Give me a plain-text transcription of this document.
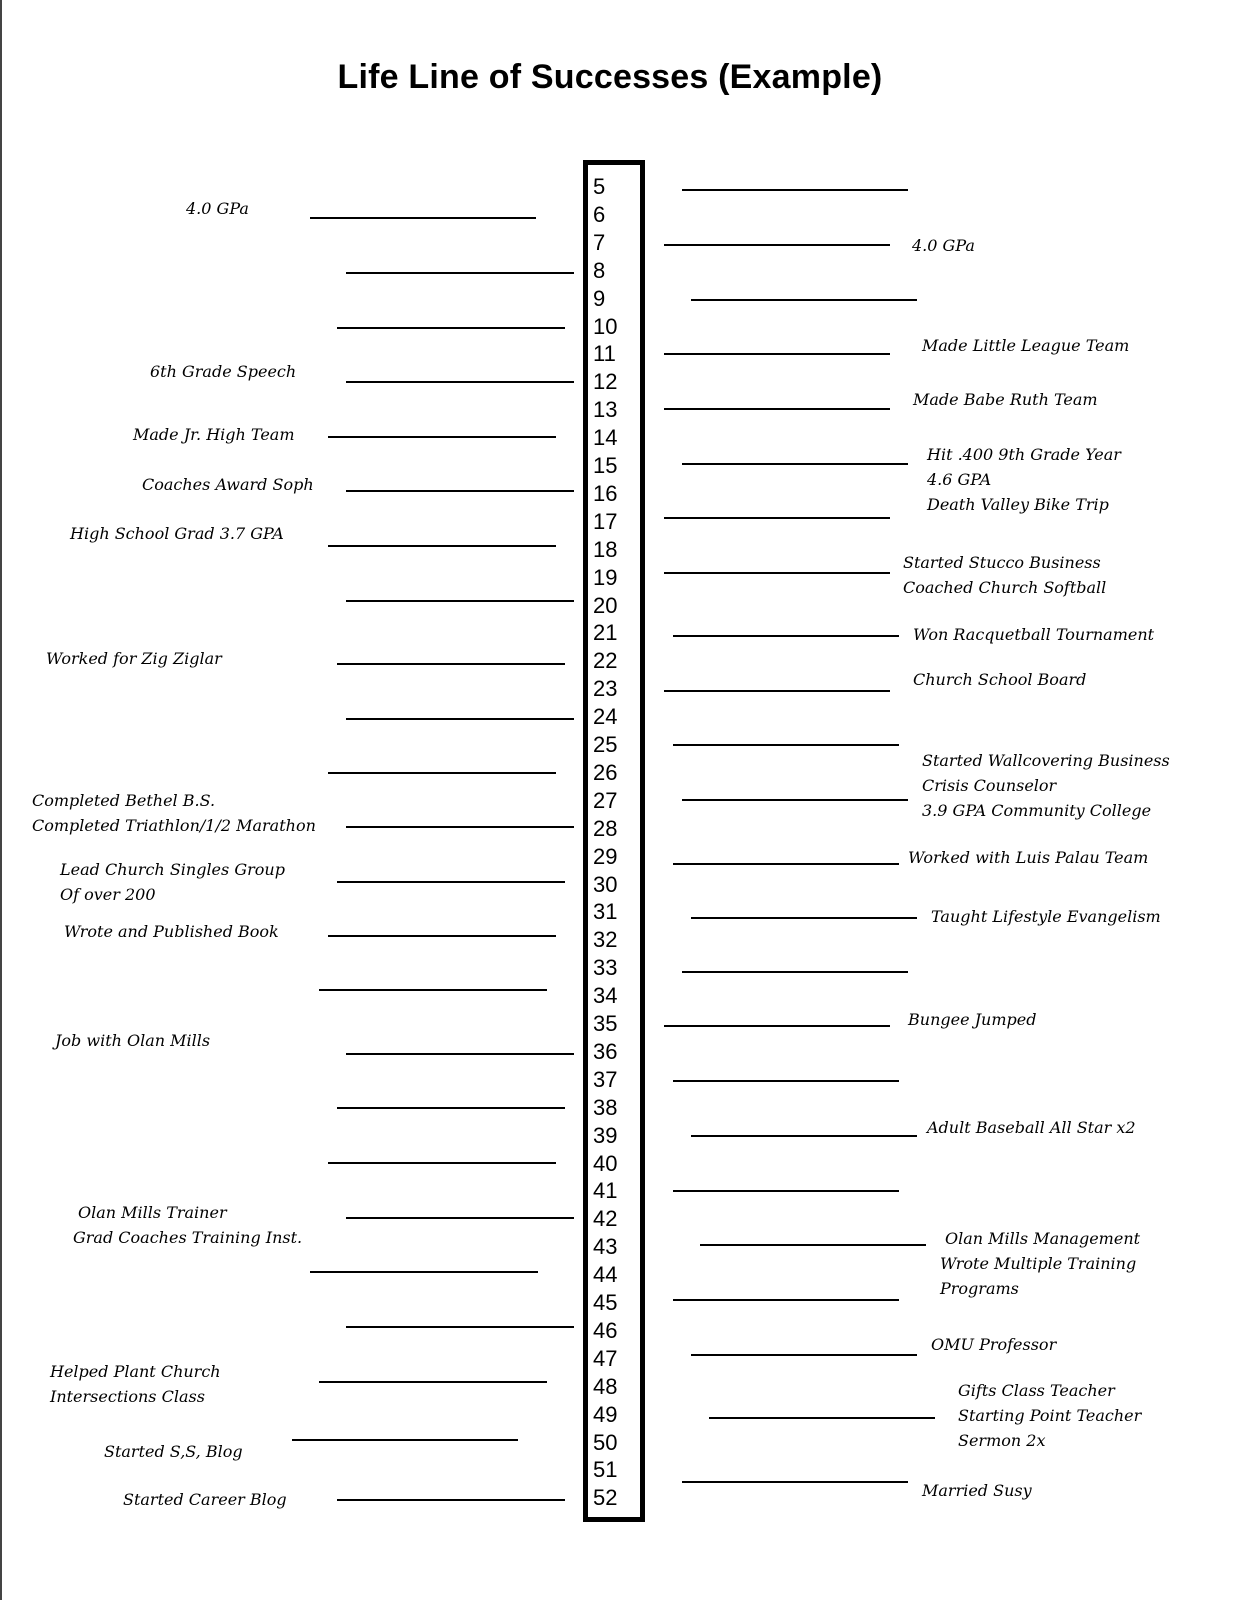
Life Line of Successes (Example)
5
6
7
8
9
10
11
12
13
14
15
16
17
18
19
20
21
22
23
24
25
26
27
28
29
30
31
32
33
34
35
36
37
38
39
40
41
42
43
44
45
46
47
48
49
50
51
52
4.0 GPa
6th Grade Speech
Made Jr. High Team
Coaches Award Soph
High School Grad 3.7 GPA
Worked for Zig Ziglar
Completed Bethel B.S.
Completed Triathlon/1/2 Marathon
Lead Church Singles Group
Of over 200
Wrote and Published Book
Job with Olan Mills
Olan Mills Trainer
Grad Coaches Training Inst.
Helped Plant Church
Intersections Class
Started S,S, Blog
Started Career Blog
4.0 GPa
Made Little League Team
Made Babe Ruth Team
Hit .400 9th Grade Year
4.6 GPA
Death Valley Bike Trip
Started Stucco Business
Coached Church Softball
Won Racquetball Tournament
Church School Board
Started Wallcovering Business
Crisis Counselor
3.9 GPA Community College
Worked with Luis Palau Team
Taught Lifestyle Evangelism
Bungee Jumped
Adult Baseball All Star x2
Olan Mills Management
Wrote Multiple Training
Programs
OMU Professor
Gifts Class Teacher
Starting Point Teacher
Sermon 2x
Married Susy
